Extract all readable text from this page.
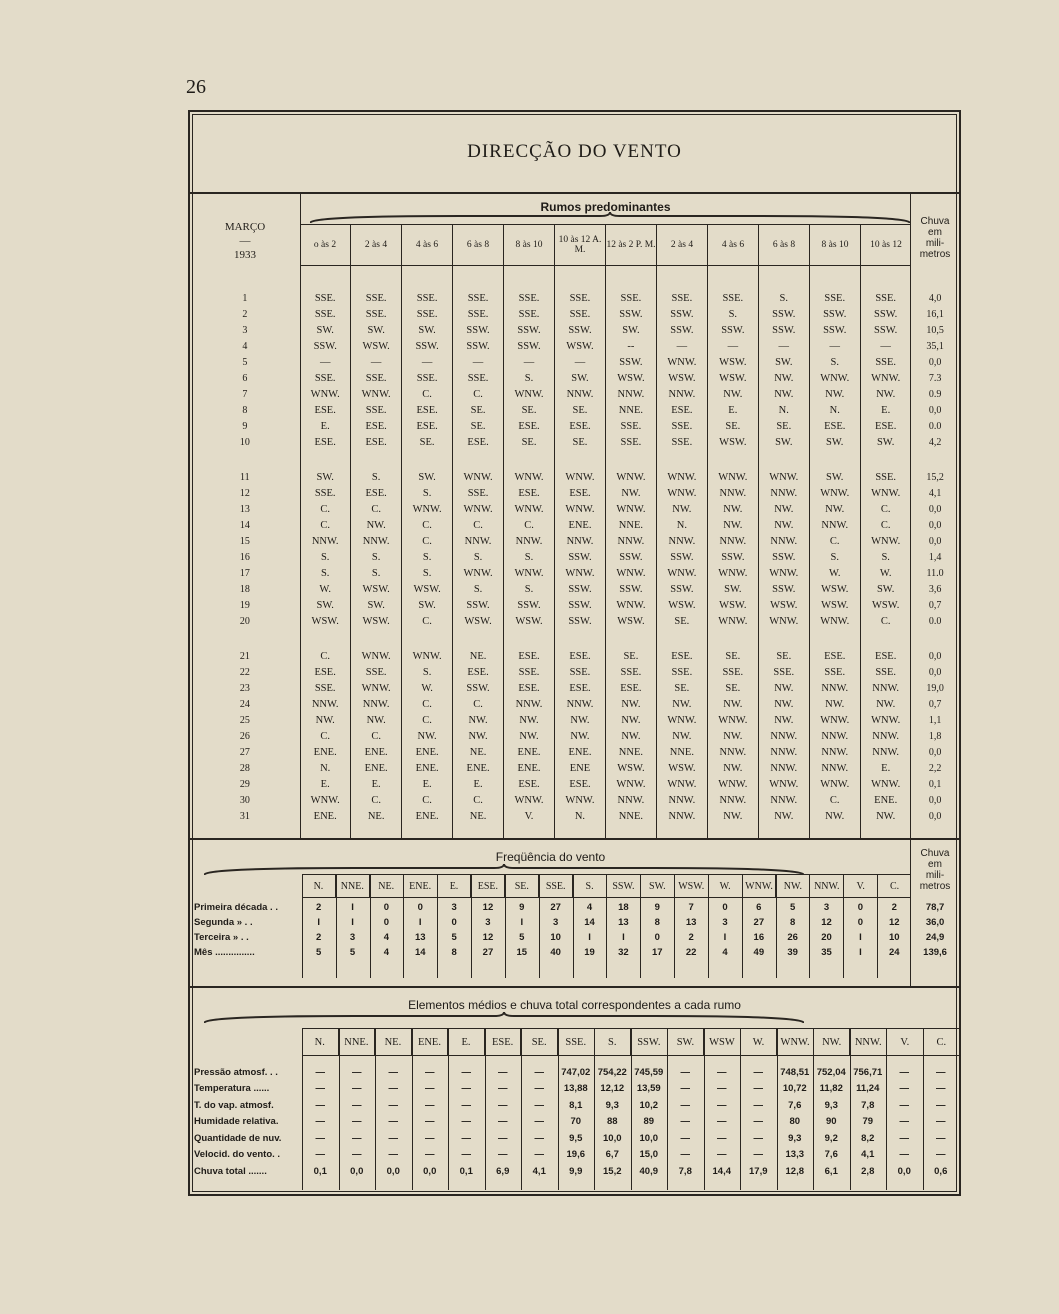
26
DIRECÇÃO DO VENTO
MARÇO
—
1933
Chuva
em
mili-
metros
Rumos predominantes
o às 2	2 às 4	4 às 6	6 às 8	8 às 10	10 às 12 A. M.	12 às 2 P. M.	2 às 4	4 às 6	6 às 8	8 às 10	10 às 12
1	SSE.	SSE.	SSE.	SSE.	SSE.	SSE.	SSE.	SSE.	SSE.	S.	SSE.	SSE.	4,0
2	SSE.	SSE.	SSE.	SSE.	SSE.	SSE.	SSW.	SSW.	S.	SSW.	SSW.	SSW.	16,1
3	SW.	SW.	SW.	SSW.	SSW.	SSW.	SW.	SSW.	SSW.	SSW.	SSW.	SSW.	10,5
4	SSW.	WSW.	SSW.	SSW.	SSW.	WSW.	--	—	—	—	—	—	35,1
5	—	—	—	—	—	—	SSW.	WNW.	WSW.	SW.	S.	SSE.	0,0
6	SSE.	SSE.	SSE.	SSE.	S.	SW.	WSW.	WSW.	WSW.	NW.	WNW.	WNW.	7.3
7	WNW.	WNW.	C.	C.	WNW.	NNW.	NNW.	NNW.	NW.	NW.	NW.	NW.	0.9
8	ESE.	SSE.	ESE.	SE.	SE.	SE.	NNE.	ESE.	E.	N.	N.	E.	0,0
9	E.	ESE.	ESE.	SE.	ESE.	ESE.	SSE.	SSE.	SE.	SE.	ESE.	ESE.	0.0
10	ESE.	ESE.	SE.	ESE.	SE.	SE.	SSE.	SSE.	WSW.	SW.	SW.	SW.	4,2
11	SW.	S.	SW.	WNW.	WNW.	WNW.	WNW.	WNW.	WNW.	WNW.	SW.	SSE.	15,2
12	SSE.	ESE.	S.	SSE.	ESE.	ESE.	NW.	WNW.	NNW.	NNW.	WNW.	WNW.	4,1
13	C.	C.	WNW.	WNW.	WNW.	WNW.	WNW.	NW.	NW.	NW.	NW.	C.	0,0
14	C.	NW.	C.	C.	C.	ENE.	NNE.	N.	NW.	NW.	NNW.	C.	0,0
15	NNW.	NNW.	C.	NNW.	NNW.	NNW.	NNW.	NNW.	NNW.	NNW.	C.	WNW.	0,0
16	S.	S.	S.	S.	S.	SSW.	SSW.	SSW.	SSW.	SSW.	S.	S.	1,4
17	S.	S.	S.	WNW.	WNW.	WNW.	WNW.	WNW.	WNW.	WNW.	W.	W.	11.0
18	W.	WSW.	WSW.	S.	S.	SSW.	SSW.	SSW.	SW.	SSW.	WSW.	SW.	3,6
19	SW.	SW.	SW.	SSW.	SSW.	SSW.	WNW.	WSW.	WSW.	WSW.	WSW.	WSW.	0,7
20	WSW.	WSW.	C.	WSW.	WSW.	SSW.	WSW.	SE.	WNW.	WNW.	WNW.	C.	0.0
21	C.	WNW.	WNW.	NE.	ESE.	ESE.	SE.	ESE.	SE.	SE.	ESE.	ESE.	0,0
22	ESE.	SSE.	S.	ESE.	SSE.	SSE.	SSE.	SSE.	SSE.	SSE.	SSE.	SSE.	0,0
23	SSE.	WNW.	W.	SSW.	ESE.	ESE.	ESE.	SE.	SE.	NW.	NNW.	NNW.	19,0
24	NNW.	NNW.	C.	C.	NNW.	NNW.	NW.	NW.	NW.	NW.	NW.	NW.	0,7
25	NW.	NW.	C.	NW.	NW.	NW.	NW.	WNW.	WNW.	NW.	WNW.	WNW.	1,1
26	C.	C.	NW.	NW.	NW.	NW.	NW.	NW.	NW.	NNW.	NNW.	NNW.	1,8
27	ENE.	ENE.	ENE.	NE.	ENE.	ENE.	NNE.	NNE.	NNW.	NNW.	NNW.	NNW.	0,0
28	N.	ENE.	ENE.	ENE.	ENE.	ENE	WSW.	WSW.	NW.	NNW.	NNW.	E.	2,2
29	E.	E.	E.	E.	ESE.	ESE.	WNW.	WNW.	WNW.	WNW.	WNW.	WNW.	0,1
30	WNW.	C.	C.	C.	WNW.	WNW.	NNW.	NNW.	NNW.	NNW.	C.	ENE.	0,0
31	ENE.	NE.	ENE.	NE.	V.	N.	NNE.	NNW.	NW.	NW.	NW.	NW.	0,0
Freqüência do vento	Chuva
em
mili-
metros
N.	NNE.	NE.	ENE.	E.	ESE.	SE.	SSE.	S.	SSW.	SW.	WSW.	W.	WNW.	NW.	NNW.	V.	C.
Primeira década . .	2	I	0	0	3	12	9	27	4	18	9	7	0	6	5	3	0	2	78,7
Segunda » . .	I	I	0	I	0	3	I	3	14	13	8	13	3	27	8	12	0	12	36,0
Terceira » . .	2	3	4	13	5	12	5	10	I	I	0	2	I	16	26	20	I	10	24,9
Mês ...............	5	5	4	14	8	27	15	40	19	32	17	22	4	49	39	35	I	24	139,6
Elementos médios e chuva total correspondentes a cada rumo
N.	NNE.	NE.	ENE.	E.	ESE.	SE.	SSE.	S.	SSW.	SW.	WSW	W.	WNW.	NW.	NNW.	V.	C.
Pressão atmosf. . .	—	—	—	—	—	—	—	747,02 754,22 745,59	—	—	—	748,51 752,04 756,71	—	—
Temperatura ......	—	—	—	—	—	—	—	13,88	12,12	13,59	—	—	—	10,72	11,82	11,24	—	—
T. do vap. atmosf.	—	—	—	—	—	—	—	8,1	9,3	10,2	—	—	—	7,6	9,3	7,8	—	—
Humidade relativa.	—	—	—	—	—	—	—	70	88	89	—	—	—	80	90	79	—	—
Quantidade de nuv.	—	—	—	—	—	—	—	9,5	10,0	10,0	—	—	—	9,3	9,2	8,2	—	—
Velocid. do vento. .	—	—	—	—	—	—	—	19,6	6,7	15,0	—	—	—	13,3	7,6	4,1	—	—
Chuva total .......	0,1	0,0	0,0	0,0	0,1	6,9	4,1	9,9	15,2	40,9	7,8	14,4	17,9	12,8	6,1	2,8	0,0	0,6
